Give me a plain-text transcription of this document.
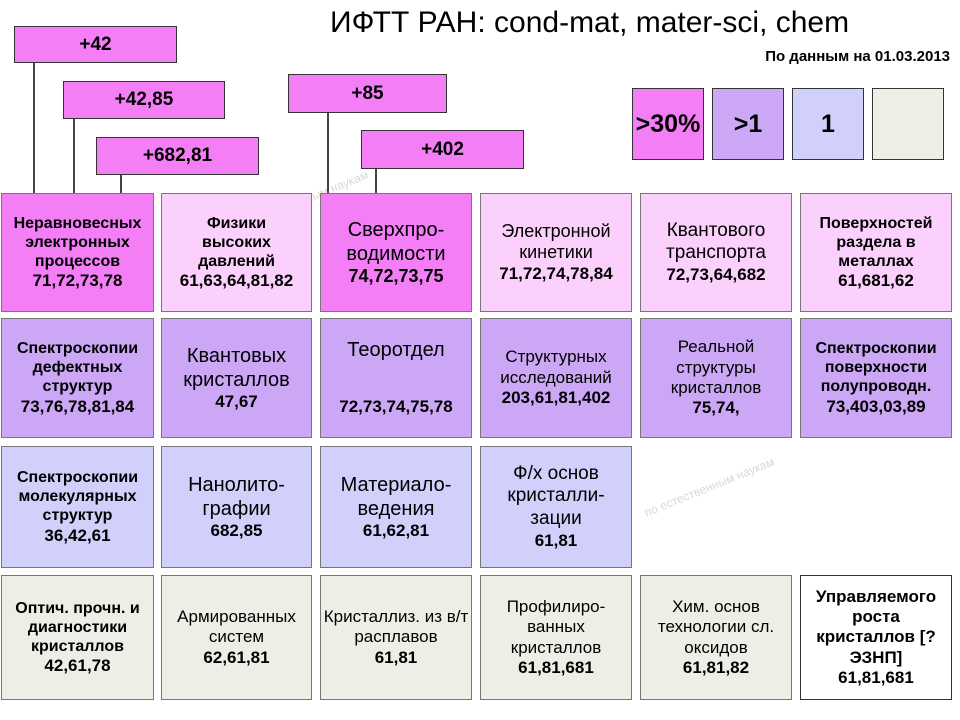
наукам
по естественным наукам
ИФТТ РАН: cond-mat, mater-sci, chem
По данным на 01.03.2013
+42
+42,85
+682,81
+85
+402
>30%	>1	1
Неравновесных электронных процессов
71,72,73,78
Физики высоких давлений
61,63,64,81,82
Сверхпро-водимости
74,72,73,75
Электронной кинетики
71,72,74,78,84
Квантового транспорта
72,73,64,682
Поверхностей раздела в металлах
61,681,62
Спектроскопии дефектных структур
73,76,78,81,84
Квантовых кристаллов
47,67
Теоротдел
72,73,74,75,78
Структурных исследований
203,61,81,402
Реальной структуры кристаллов
75,74,
Спектроскопии поверхности полупроводн.
73,403,03,89
Спектроскопии молекулярных структур
36,42,61
Нанолито-графии
682,85
Материало-ведения
61,62,81
Ф/х основ кристалли-зации
61,81
Оптич. прочн. и диагностики кристаллов
42,61,78
Армированных систем
62,61,81
Кристаллиз. из в/т расплавов
61,81
Профилиро-ванных кристаллов
61,81,681
Хим. основ технологии сл. оксидов
61,81,82
Управляемого роста кристаллов [? ЭЗНП]
61,81,681
